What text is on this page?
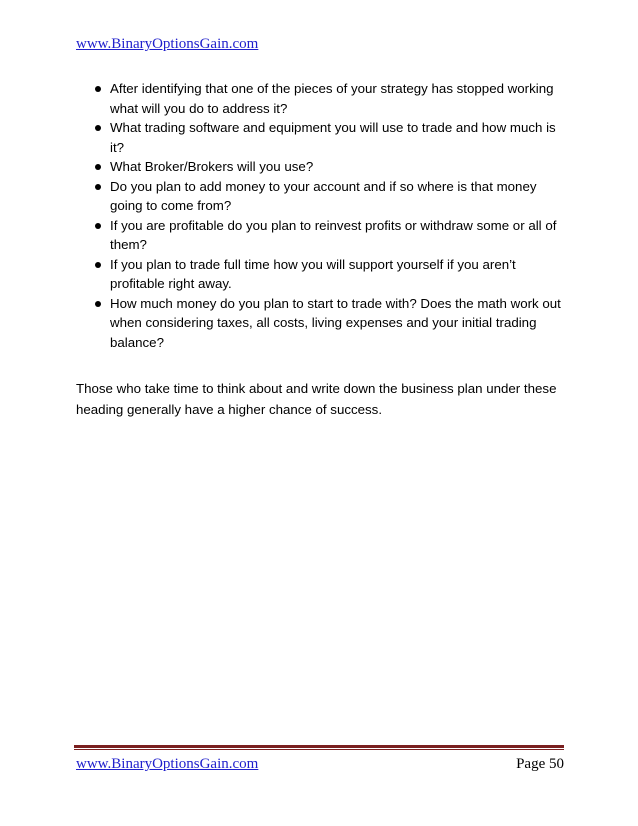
www.BinaryOptionsGain.com
After identifying that one of the pieces of your strategy has stopped working what will you do to address it?
What trading software and equipment you will use to trade and how much is it?
What Broker/Brokers will you use?
Do you plan to add money to your account and if so where is that money going to come from?
If you are profitable do you plan to reinvest profits or withdraw some or all of them?
If you plan to trade full time how you will support yourself if you aren’t profitable right away.
How much money do you plan to start to trade with? Does the math work out when considering taxes, all costs, living expenses and your initial trading balance?

Those who take time to think about and write down the business plan under these heading generally have a higher chance of success.

www.BinaryOptionsGain.com	Page 50
